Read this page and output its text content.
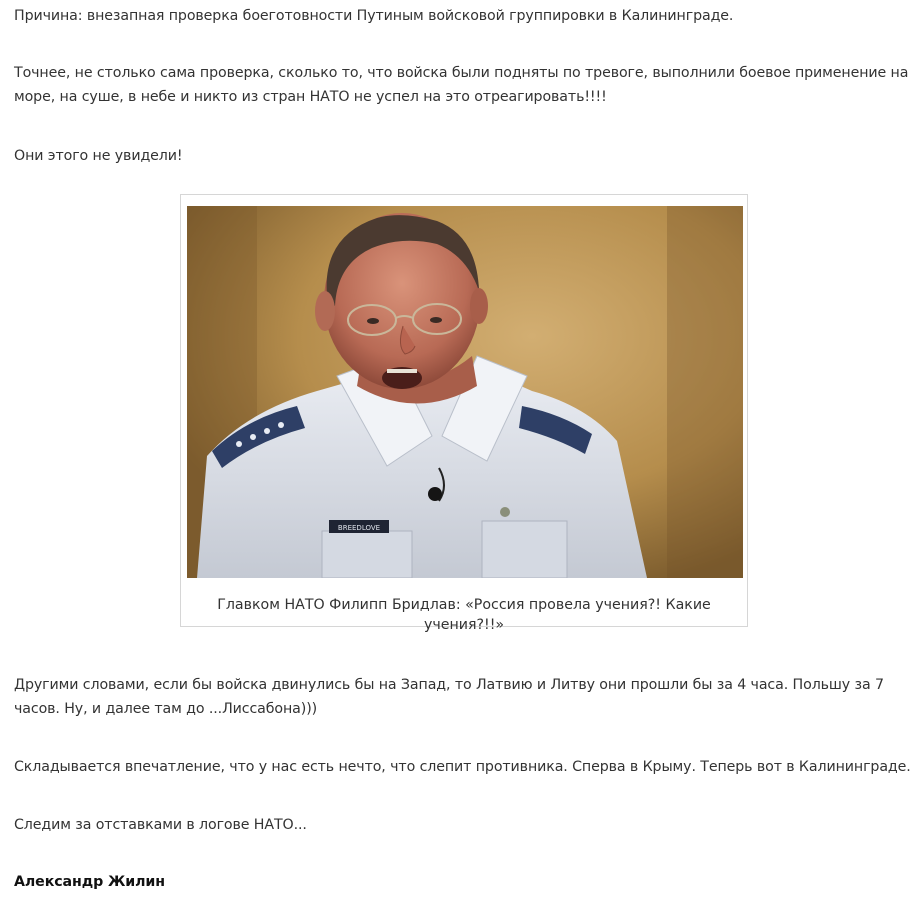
Причина: внезапная проверка боеготовности Путиным войсковой группировки в Калининграде.

Точнее, не столько сама проверка, сколько то, что войска были подняты по тревоге, выполнили боевое применение на море, на суше, в небе и никто из стран НАТО не успел на это отреагировать!!!!

Они этого не увидели!

Другими словами, если бы войска двинулись бы на Запад, то Латвию и Литву они прошли бы за 4 часа. Польшу за 7 часов. Ну, и далее там до ...Лиссабона)))

Складывается впечатление, что у нас есть нечто, что слепит противника. Сперва в Крыму. Теперь вот в Калининграде.

Следим за отставками в логове НАТО...

Александр Жилин

BREEDLOVE
Главком НАТО Филипп Бридлав: «Россия провела учения?! Какие учения?!!»
